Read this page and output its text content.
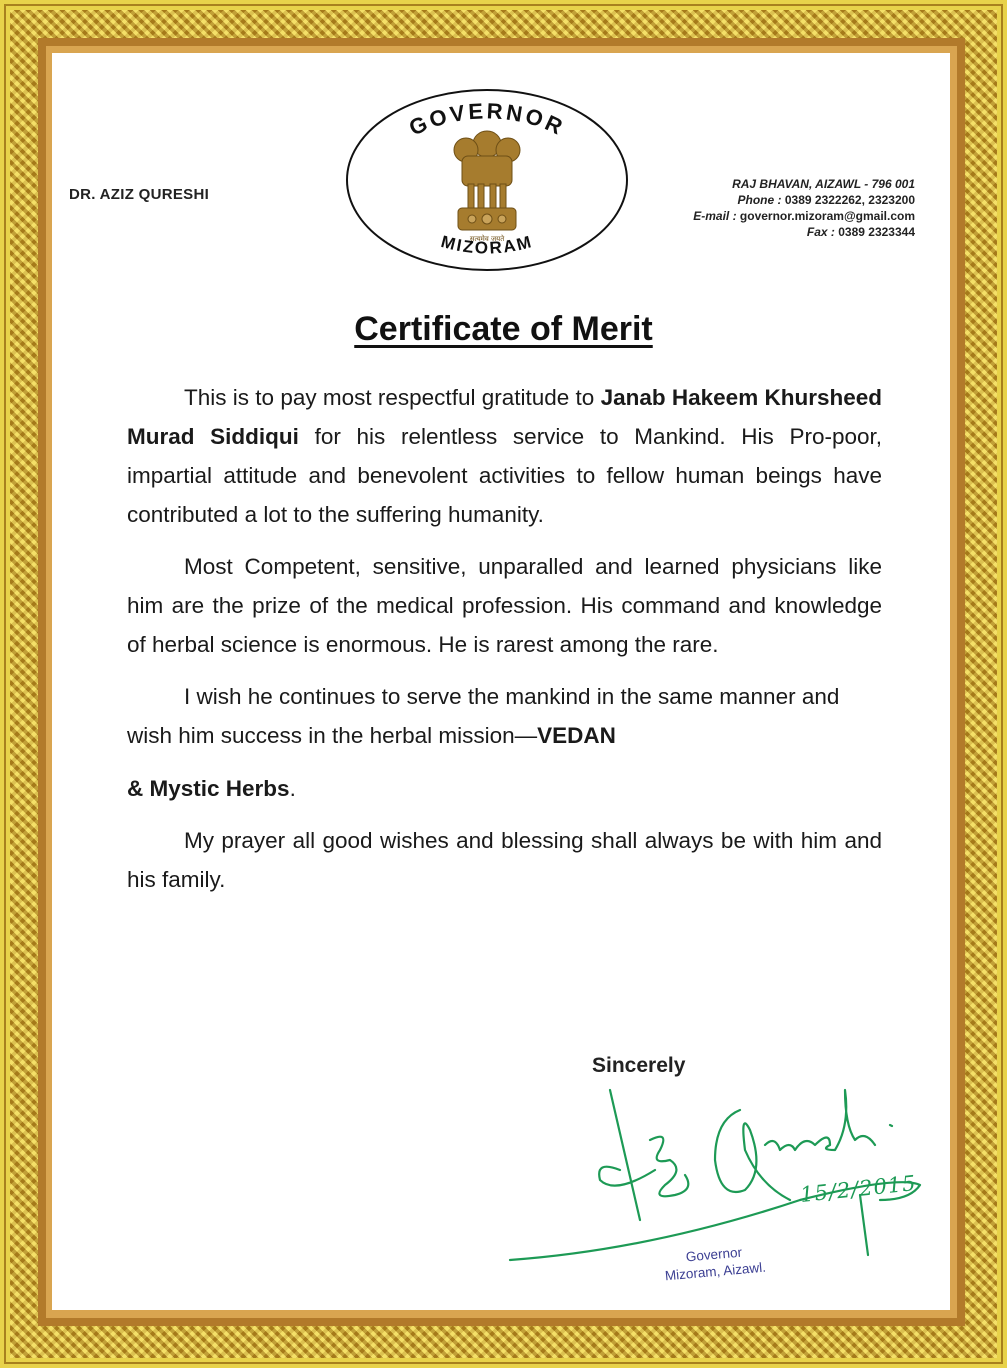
DR. AZIZ QURESHI
GOVERNOR
MIZORAM
सत्यमेव जयते
RAJ BHAVAN, AIZAWL - 796 001
Phone : 0389 2322262, 2323200
E-mail : governor.mizoram@gmail.com
Fax : 0389 2323344
Certificate of Merit

This is to pay most respectful gratitude to Janab Hakeem Khursheed Murad Siddiqui for his relentless service to Mankind. His Pro-poor, impartial attitude and benevolent activities to fellow human beings have contributed a lot to the suffering humanity.

Most Competent, sensitive, unparalled and learned physicians like him are the prize of the medical profession. His command and knowledge of herbal science is enormous. He is rarest among the rare.

I wish he continues to serve the mankind in the same manner and wish him success in the herbal mission—VEDAN

& Mystic Herbs.

My prayer all good wishes and blessing shall always be with him and his family.

Sincerely
15/2/2015
Governor
Mizoram, Aizawl.
